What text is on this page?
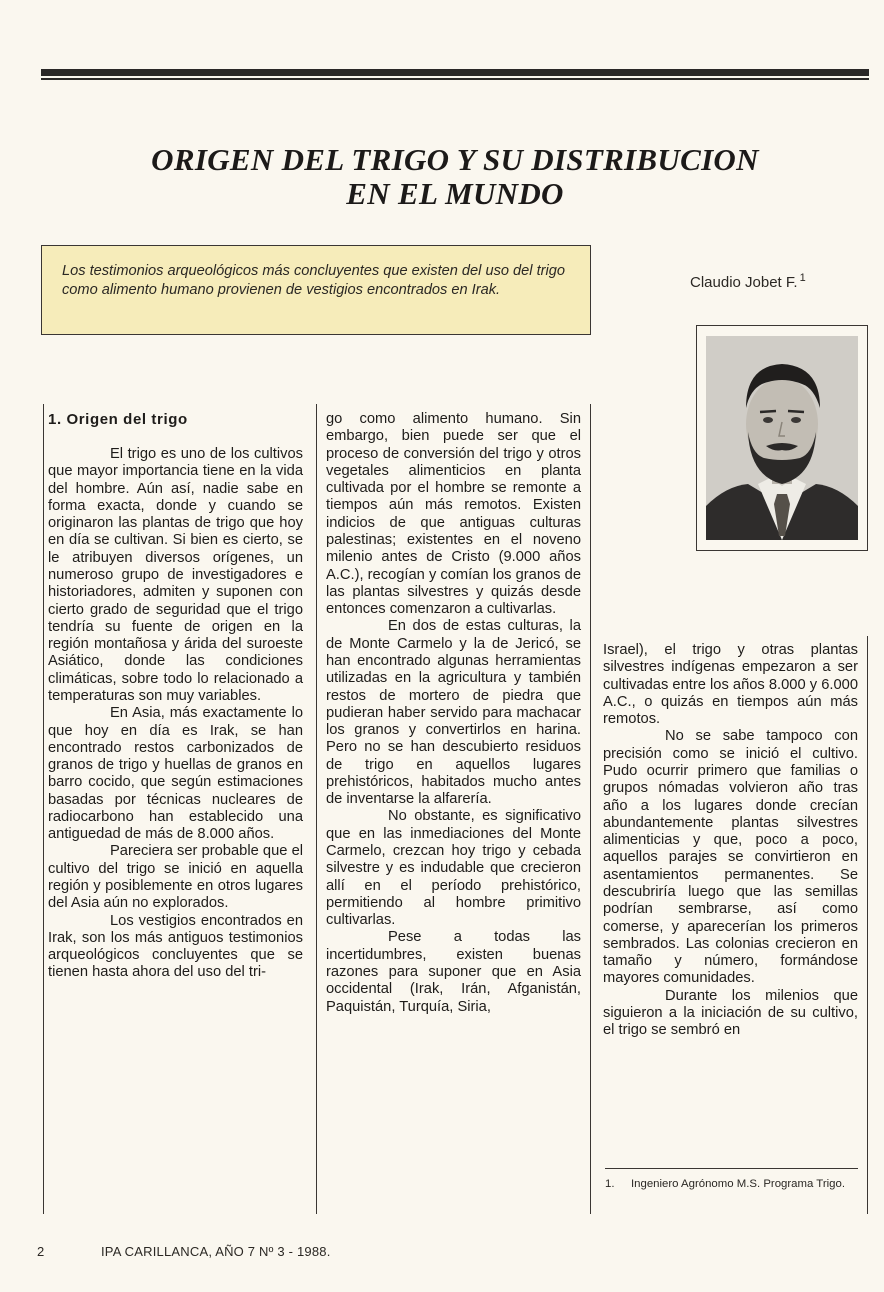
ORIGEN DEL TRIGO Y SU DISTRIBUCION
EN EL MUNDO
Los testimonios arqueológicos más concluyentes que existen del uso del trigo como alimento humano provienen de vestigios encontrados en Irak.	Claudio Jobet F. $^1$
1. Origen del trigo

El trigo es uno de los cultivos que mayor importancia tiene en la vida del hombre. Aún así, nadie sabe en forma exacta, donde y cuando se originaron las plantas de trigo que hoy en día se cultivan. Si bien es cierto, se le atribuyen diversos orígenes, un numeroso grupo de investigadores e historiadores, admiten y suponen con cierto grado de seguridad que el trigo tendría su fuente de origen en la región montañosa y árida del suroeste Asiático, donde las condiciones climáticas, sobre todo lo relacionado a temperaturas son muy variables.

En Asia, más exactamente lo que hoy en día es Irak, se han encontrado restos carbonizados de granos de trigo y huellas de granos en barro cocido, que según estimaciones basadas por técnicas nucleares de radiocarbono han establecido una antiguedad de más de 8.000 años.

Pareciera ser probable que el cultivo del trigo se inició en aquella región y posiblemente en otros lugares del Asia aún no explorados.

Los vestigios encontrados en Irak, son los más antiguos testimonios arqueológicos concluyentes que se tienen hasta ahora del uso del tri-

go como alimento humano. Sin embargo, bien puede ser que el proceso de conversión del trigo y otros vegetales alimenticios en planta cultivada por el hombre se remonte a tiempos aún más remotos. Existen indicios de que antiguas culturas palestinas; existentes en el noveno milenio antes de Cristo (9.000 años A.C.), recogían y comían los granos de las plantas silvestres y quizás desde entonces comenzaron a cultivarlas.

En dos de estas culturas, la de Monte Carmelo y la de Jericó, se han encontrado algunas herramientas utilizadas en la agricultura y también restos de mortero de piedra que pudieran haber servido para machacar los granos y convertirlos en harina. Pero no se han descubierto residuos de trigo en aquellos lugares prehistóricos, habitados mucho antes de inventarse la alfarería.

No obstante, es significativo que en las inmediaciones del Monte Carmelo, crezcan hoy trigo y cebada silvestre y es indudable que crecieron allí en el período prehistórico, permitiendo al hombre primitivo cultivarlas.

Pese a todas las incertidumbres, existen buenas razones para suponer que en Asia occidental (Irak, Irán, Afganistán, Paquistán, Turquía, Siria,

Israel), el trigo y otras plantas silvestres indígenas empezaron a ser cultivadas entre los años 8.000 y 6.000 A.C., o quizás en tiempos aún más remotos.

No se sabe tampoco con precisión como se inició el cultivo. Pudo ocurrir primero que familias o grupos nómadas volvieron año tras año a los lugares donde crecían abundantemente plantas silvestres alimenticias y que, poco a poco, aquellos parajes se convirtieron en asentamientos permanentes. Se descubriría luego que las semillas podrían sembrarse, así como comerse, y aparecerían los primeros sembrados. Las colonias crecieron en tamaño y número, formándose mayores comunidades.

Durante los milenios que siguieron a la iniciación de su cultivo, el trigo se sembró en

1. Ingeniero Agrónomo M.S. Programa Trigo.
2	IPA CARILLANCA, AÑO 7 Nº 3 - 1988.
